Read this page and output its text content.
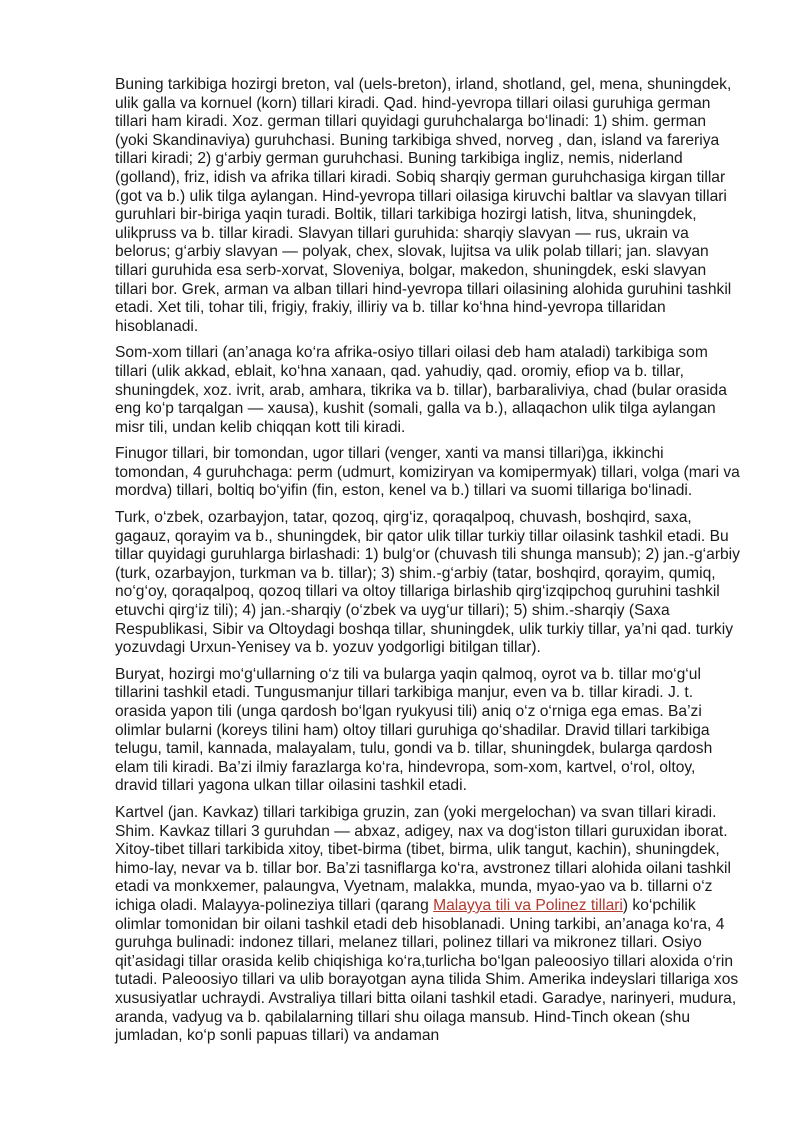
Buning tarkibiga hozirgi breton, val (uels-breton), irland, shotland, gel, mena, shuningdek, ulik galla va kornuel (korn) tillari kiradi. Qad. hind-yevropa tillari oilasi guruhiga german tillari ham kiradi. Xoz. german tillari quyidagi guruhchalarga bo‘linadi: 1) shim. german (yoki Skandinaviya) guruhchasi. Buning tarkibiga shved, norveg , dan, island va fareriya tillari kiradi; 2) g‘arbiy german guruhchasi. Buning tarkibiga ingliz, nemis, niderland (golland), friz, idish va afrika tillari kiradi. Sobiq sharqiy german guruhchasiga kirgan tillar (got va b.) ulik tilga aylangan. Hind-yevropa tillari oilasiga kiruvchi baltlar va slavyan tillari guruhlari bir-biriga yaqin turadi. Boltik, tillari tarkibiga hozirgi latish, litva, shuningdek, ulikpruss va b. tillar kiradi. Slavyan tillari guruhida: sharqiy slavyan — rus, ukrain va belorus; g‘arbiy slavyan — polyak, chex, slovak, lujitsa va ulik polab tillari; jan. slavyan tillari guruhida esa serb-xorvat, Sloveniya, bolgar, makedon, shuningdek, eski slavyan tillari bor. Grek, arman va alban tillari hind-yevropa tillari oilasining alohida guruhini tashkil etadi. Xet tili, tohar tili, frigiy, frakiy, illiriy va b. tillar ko‘hna hind-yevropa tillaridan hisoblanadi.

Som-xom tillari (an’anaga ko‘ra afrika-osiyo tillari oilasi deb ham ataladi) tarkibiga som tillari (ulik akkad, eblait, ko‘hna xanaan, qad. yahudiy, qad. oromiy, efiop va b. tillar, shuningdek, xoz. ivrit, arab, amhara, tikrika va b. tillar), barbaraliviya, chad (bular orasida eng ko‘p tarqalgan — xausa), kushit (somali, galla va b.), allaqachon ulik tilga aylangan misr tili, undan kelib chiqqan kott tili kiradi.

Finugor tillari, bir tomondan, ugor tillari (venger, xanti va mansi tillari)ga, ikkinchi tomondan, 4 guruhchaga: perm (udmurt, komiziryan va komipermyak) tillari, volga (mari va mordva) tillari, boltiq bo‘yifin (fin, eston, kenel va b.) tillari va suomi tillariga bo‘linadi.

Turk, o‘zbek, ozarbayjon, tatar, qozoq, qirg‘iz, qoraqalpoq, chuvash, boshqird, saxa, gagauz, qorayim va b., shuningdek, bir qator ulik tillar turkiy tillar oilasink tashkil etadi. Bu tillar quyidagi guruhlarga birlashadi: 1) bulg‘or (chuvash tili shunga mansub); 2) jan.-g‘arbiy (turk, ozarbayjon, turkman va b. tillar); 3) shim.-g‘arbiy (tatar, boshqird, qorayim, qumiq, no‘g‘oy, qoraqalpoq, qozoq tillari va oltoy tillariga birlashib qirg‘izqipchoq guruhini tashkil etuvchi qirg‘iz tili); 4) jan.-sharqiy (o‘zbek va uyg‘ur tillari); 5) shim.-sharqiy (Saxa Respublikasi, Sibir va Oltoydagi boshqa tillar, shuningdek, ulik turkiy tillar, ya’ni qad. turkiy yozuvdagi Urxun-Yenisey va b. yozuv yodgorligi bitilgan tillar).

Buryat, hozirgi mo‘g‘ullarning o‘z tili va bularga yaqin qalmoq, oyrot va b. tillar mo‘g‘ul tillarini tashkil etadi. Tungusmanjur tillari tarkibiga manjur, even va b. tillar kiradi. J. t. orasida yapon tili (unga qardosh bo‘lgan ryukyusi tili) aniq o‘z o‘rniga ega emas. Ba’zi olimlar bularni (koreys tilini ham) oltoy tillari guruhiga qo‘shadilar. Dravid tillari tarkibiga telugu, tamil, kannada, malayalam, tulu, gondi va b. tillar, shuningdek, bularga qardosh elam tili kiradi. Ba’zi ilmiy farazlarga ko‘ra, hindevropa, som-xom, kartvel, o‘rol, oltoy, dravid tillari yagona ulkan tillar oilasini tashkil etadi.

Kartvel (jan. Kavkaz) tillari tarkibiga gruzin, zan (yoki mergelochan) va svan tillari kiradi. Shim. Kavkaz tillari 3 guruhdan — abxaz, adigey, nax va dog‘iston tillari guruxidan iborat. Xitoy-tibet tillari tarkibida xitoy, tibet-birma (tibet, birma, ulik tangut, kachin), shuningdek, himo-lay, nevar va b. tillar bor. Ba’zi tasniflarga ko‘ra, avstronez tillari alohida oilani tashkil etadi va monkxemer, palaungva, Vyetnam, malakka, munda, myao-yao va b. tillarni o‘z ichiga oladi. Malayya-polineziya tillari (qarang Malayya tili va Polinez tillari) ko‘pchilik olimlar tomonidan bir oilani tashkil etadi deb hisoblanadi. Uning tarkibi, an’anaga ko‘ra, 4 guruhga bulinadi: indonez tillari, melanez tillari, polinez tillari va mikronez tillari. Osiyo qit’asidagi tillar orasida kelib chiqishiga ko‘ra,turlicha bo‘lgan paleoosiyo tillari aloxida o‘rin tutadi. Paleoosiyo tillari va ulib borayotgan ayna tilida Shim. Amerika indeyslari tillariga xos xususiyatlar uchraydi. Avstraliya tillari bitta oilani tashkil etadi. Garadye, narinyeri, mudura, aranda, vadyug va b. qabilalarning tillari shu oilaga mansub. Hind-Tinch okean (shu jumladan, ko‘p sonli papuas tillari) va andaman
